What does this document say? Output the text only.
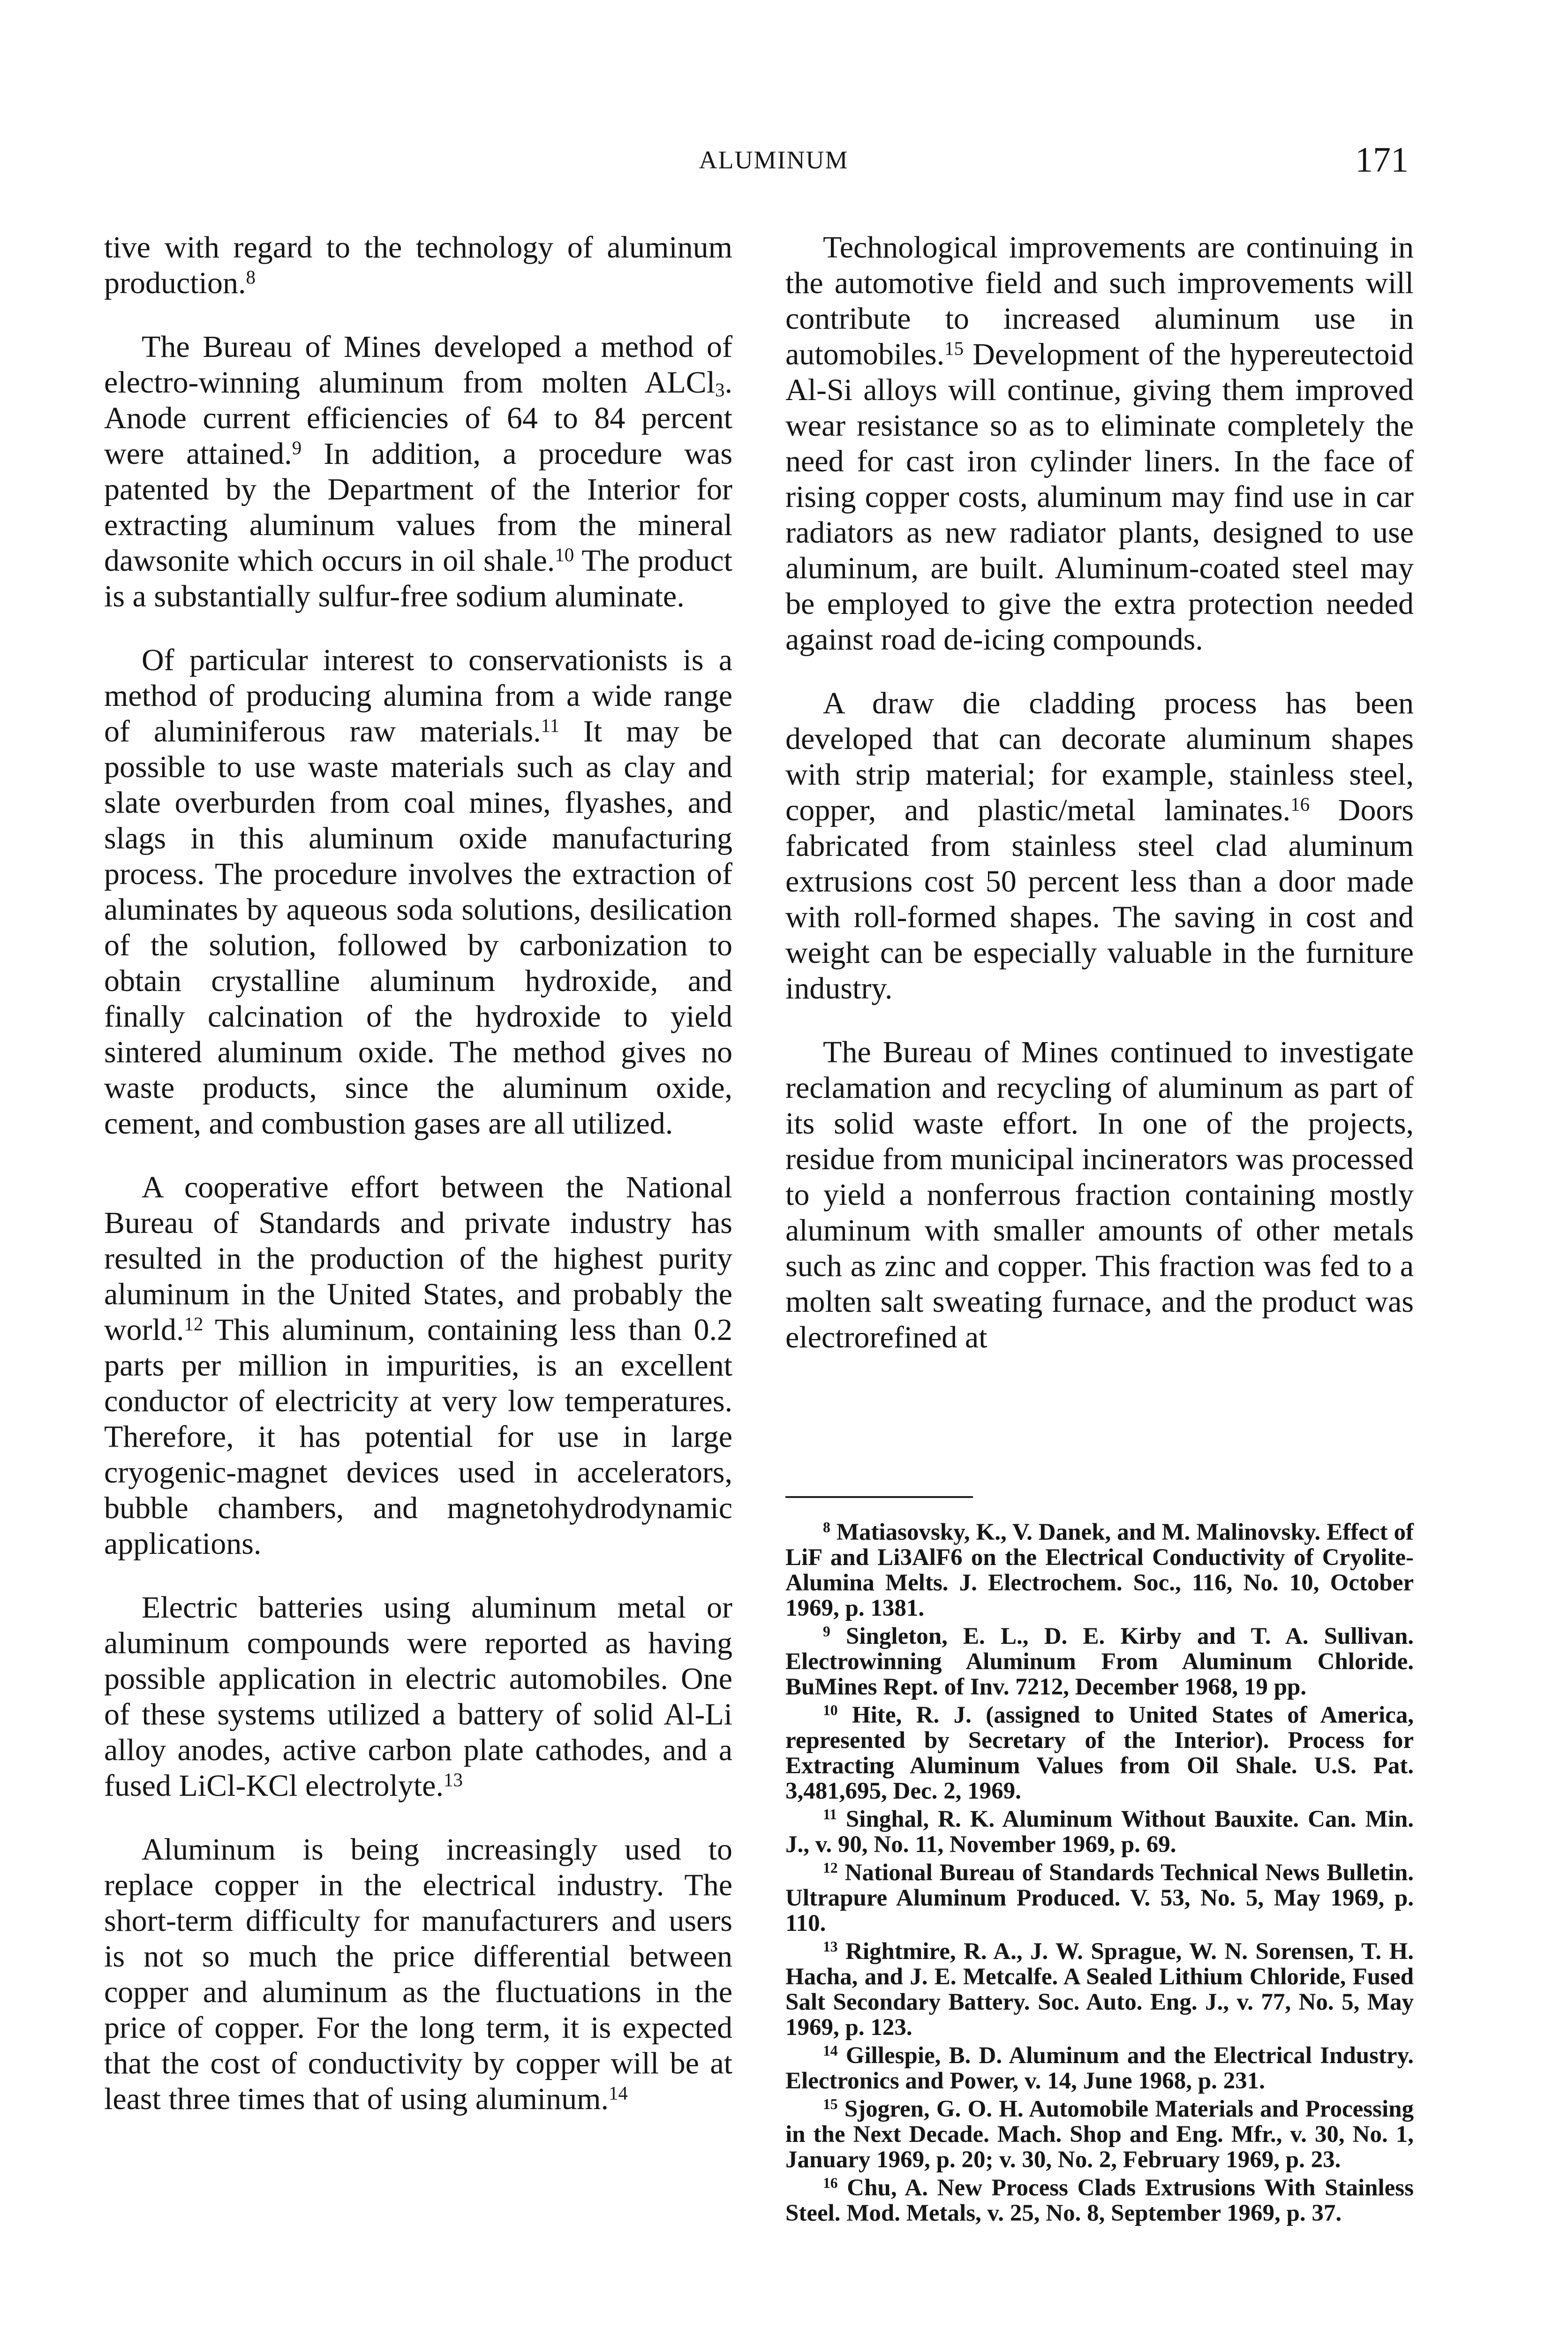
ALUMINUM	171

tive with regard to the technology of aluminum production.$^8$

The Bureau of Mines developed a method of electro-winning aluminum from molten ALCl$_3$. Anode current efficiencies of 64 to 84 percent were attained.$^9$ In addition, a procedure was patented by the Department of the Interior for extracting aluminum values from the mineral dawsonite which occurs in oil shale.$^{10}$ The product is a substantially sulfur-free sodium aluminate.

Of particular interest to conservationists is a method of producing alumina from a wide range of aluminiferous raw materials.$^{11}$ It may be possible to use waste materials such as clay and slate overburden from coal mines, flyashes, and slags in this aluminum oxide manufacturing process. The procedure involves the extraction of aluminates by aqueous soda solutions, desilication of the solution, followed by carbonization to obtain crystalline aluminum hydroxide, and finally calcination of the hydroxide to yield sintered aluminum oxide. The method gives no waste products, since the aluminum oxide, cement, and combustion gases are all utilized.

A cooperative effort between the National Bureau of Standards and private industry has resulted in the production of the highest purity aluminum in the United States, and probably the world.$^{12}$ This aluminum, containing less than 0.2 parts per million in impurities, is an excellent conductor of electricity at very low temperatures. Therefore, it has potential for use in large cryogenic-magnet devices used in accelerators, bubble chambers, and magnetohydrodynamic applications.

Electric batteries using aluminum metal or aluminum compounds were reported as having possible application in electric automobiles. One of these systems utilized a battery of solid Al-Li alloy anodes, active carbon plate cathodes, and a fused LiCl-KCl electrolyte.$^{13}$

Aluminum is being increasingly used to replace copper in the electrical industry. The short-term difficulty for manufacturers and users is not so much the price differential between copper and aluminum as the fluctuations in the price of copper. For the long term, it is expected that the cost of conductivity by copper will be at least three times that of using aluminum.$^{14}$

Technological improvements are continuing in the automotive field and such improvements will contribute to increased aluminum use in automobiles.$^{15}$ Development of the hypereutectoid Al-Si alloys will continue, giving them improved wear resistance so as to eliminate completely the need for cast iron cylinder liners. In the face of rising copper costs, aluminum may find use in car radiators as new radiator plants, designed to use aluminum, are built. Aluminum-coated steel may be employed to give the extra protection needed against road de-icing compounds.

A draw die cladding process has been developed that can decorate aluminum shapes with strip material; for example, stainless steel, copper, and plastic/metal laminates.$^{16}$ Doors fabricated from stainless steel clad aluminum extrusions cost 50 percent less than a door made with roll-formed shapes. The saving in cost and weight can be especially valuable in the furniture industry.

The Bureau of Mines continued to investigate reclamation and recycling of aluminum as part of its solid waste effort. In one of the projects, residue from municipal incinerators was processed to yield a nonferrous fraction containing mostly aluminum with smaller amounts of other metals such as zinc and copper. This fraction was fed to a molten salt sweating furnace, and the product was electrorefined at

$^8$ Matiasovsky, K., V. Danek, and M. Malinovsky. Effect of LiF and Li3AlF6 on the Electrical Conductivity of Cryolite-Alumina Melts. J. Electrochem. Soc., 116, No. 10, October 1969, p. 1381.

$^9$ Singleton, E. L., D. E. Kirby and T. A. Sullivan. Electrowinning Aluminum From Aluminum Chloride. BuMines Rept. of Inv. 7212, December 1968, 19 pp.

$^{10}$ Hite, R. J. (assigned to United States of America, represented by Secretary of the Interior). Process for Extracting Aluminum Values from Oil Shale. U.S. Pat. 3,481,695, Dec. 2, 1969.

$^{11}$ Singhal, R. K. Aluminum Without Bauxite. Can. Min. J., v. 90, No. 11, November 1969, p. 69.

$^{12}$ National Bureau of Standards Technical News Bulletin. Ultrapure Aluminum Produced. V. 53, No. 5, May 1969, p. 110.

$^{13}$ Rightmire, R. A., J. W. Sprague, W. N. Sorensen, T. H. Hacha, and J. E. Metcalfe. A Sealed Lithium Chloride, Fused Salt Secondary Battery. Soc. Auto. Eng. J., v. 77, No. 5, May 1969, p. 123.

$^{14}$ Gillespie, B. D. Aluminum and the Electrical Industry. Electronics and Power, v. 14, June 1968, p. 231.

$^{15}$ Sjogren, G. O. H. Automobile Materials and Processing in the Next Decade. Mach. Shop and Eng. Mfr., v. 30, No. 1, January 1969, p. 20; v. 30, No. 2, February 1969, p. 23.

$^{16}$ Chu, A. New Process Clads Extrusions With Stainless Steel. Mod. Metals, v. 25, No. 8, September 1969, p. 37.
